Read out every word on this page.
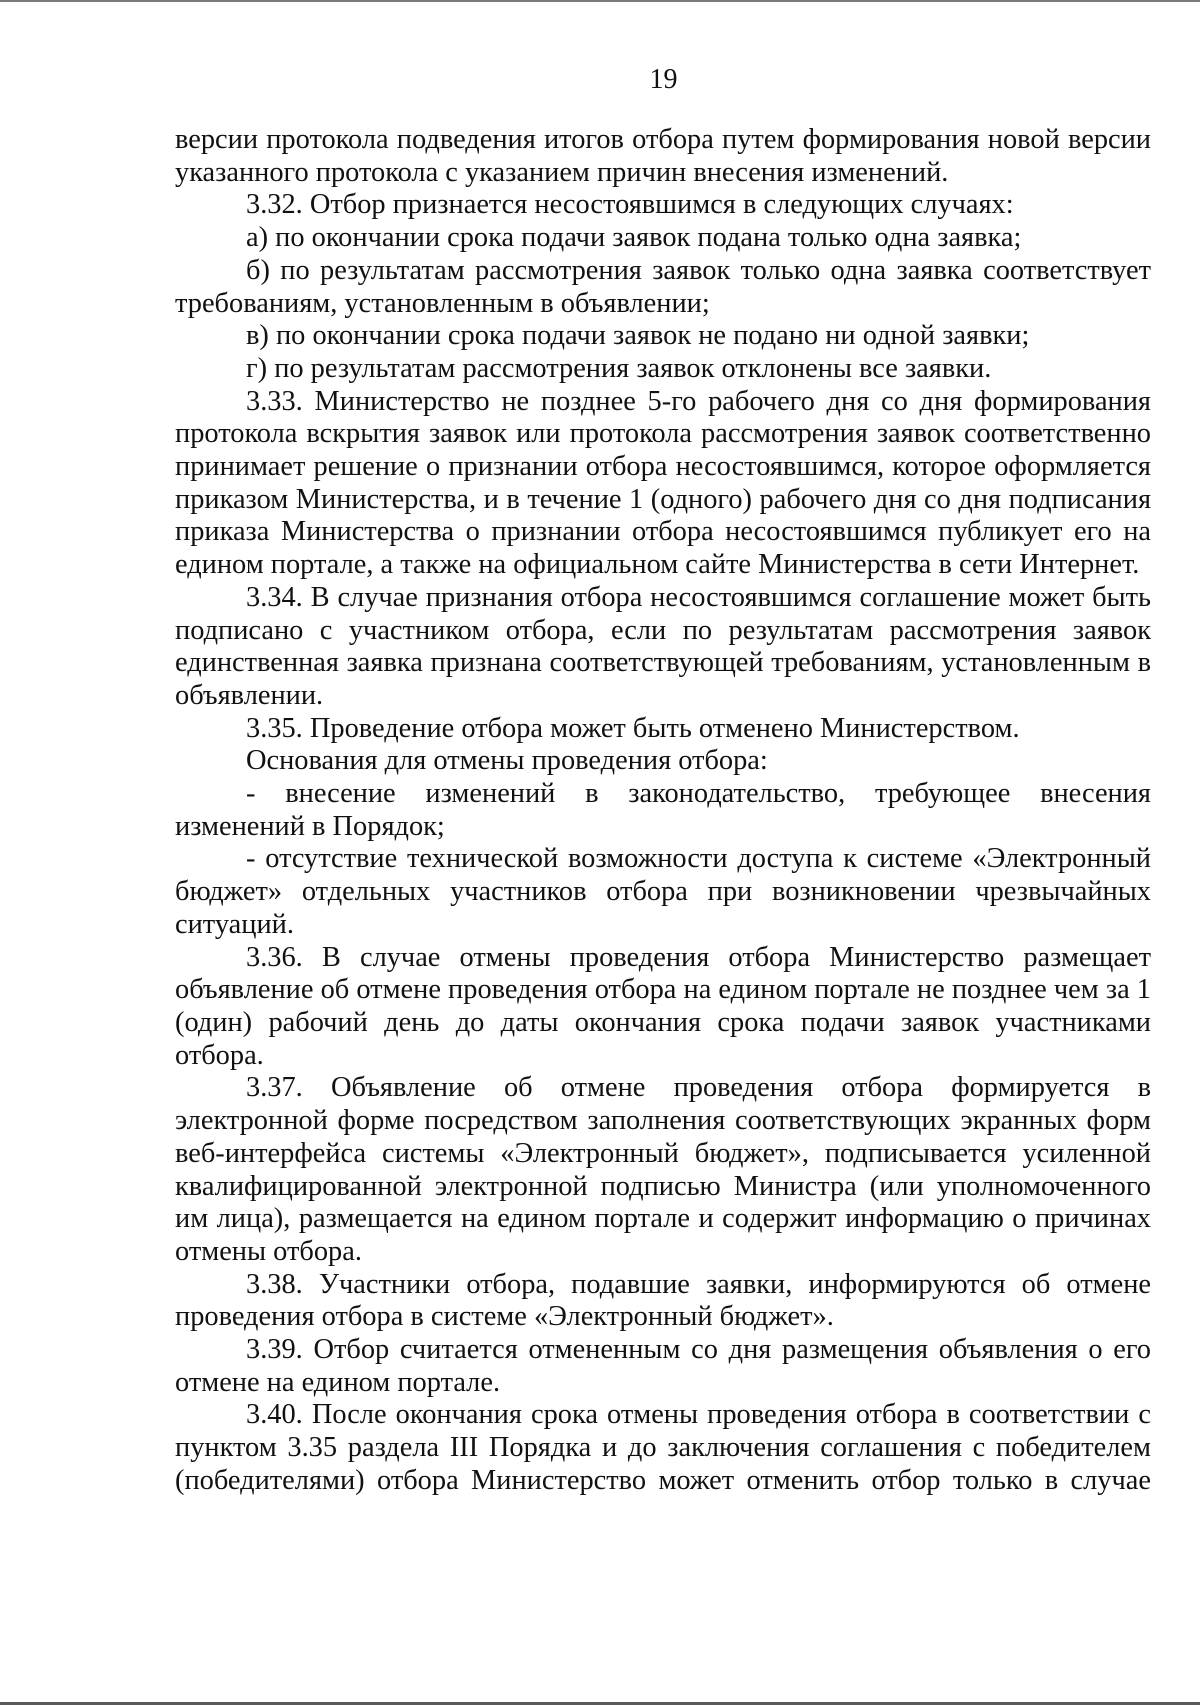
19

версии протокола подведения итогов отбора путем формирования новой версии указанного протокола с указанием причин внесения изменений.

3.32. Отбор признается несостоявшимся в следующих случаях:

а) по окончании срока подачи заявок подана только одна заявка;

б) по результатам рассмотрения заявок только одна заявка соответствует требованиям, установленным в объявлении;

в) по окончании срока подачи заявок не подано ни одной заявки;

г) по результатам рассмотрения заявок отклонены все заявки.

3.33. Министерство не позднее 5-го рабочего дня со дня формирования протокола вскрытия заявок или протокола рассмотрения заявок соответственно принимает решение о признании отбора несостоявшимся, которое оформляется приказом Министерства, и в течение 1 (одного) рабочего дня со дня подписания приказа Министерства о признании отбора несостоявшимся публикует его на едином портале, а также на официальном сайте Министерства в сети Интернет.

3.34. В случае признания отбора несостоявшимся соглашение может быть подписано с участником отбора, если по результатам рассмотрения заявок единственная заявка признана соответствующей требованиям, установленным в объявлении.

3.35. Проведение отбора может быть отменено Министерством.

Основания для отмены проведения отбора:

- внесение изменений в законодательство, требующее внесения изменений в Порядок;

- отсутствие технической возможности доступа к системе «Электронный бюджет» отдельных участников отбора при возникновении чрезвычайных ситуаций.

3.36. В случае отмены проведения отбора Министерство размещает объявление об отмене проведения отбора на едином портале не позднее чем за 1 (один) рабочий день до даты окончания срока подачи заявок участниками отбора.

3.37. Объявление об отмене проведения отбора формируется в электронной форме посредством заполнения соответствующих экранных форм веб-интерфейса системы «Электронный бюджет», подписывается усиленной квалифицированной электронной подписью Министра (или уполномоченного им лица), размещается на едином портале и содержит информацию о причинах отмены отбора.

3.38. Участники отбора, подавшие заявки, информируются об отмене проведения отбора в системе «Электронный бюджет».

3.39. Отбор считается отмененным со дня размещения объявления о его отмене на едином портале.

3.40. После окончания срока отмены проведения отбора в соответствии с пунктом 3.35 раздела III Порядка и до заключения соглашения с победителем (победителями) отбора Министерство может отменить отбор только в случае
